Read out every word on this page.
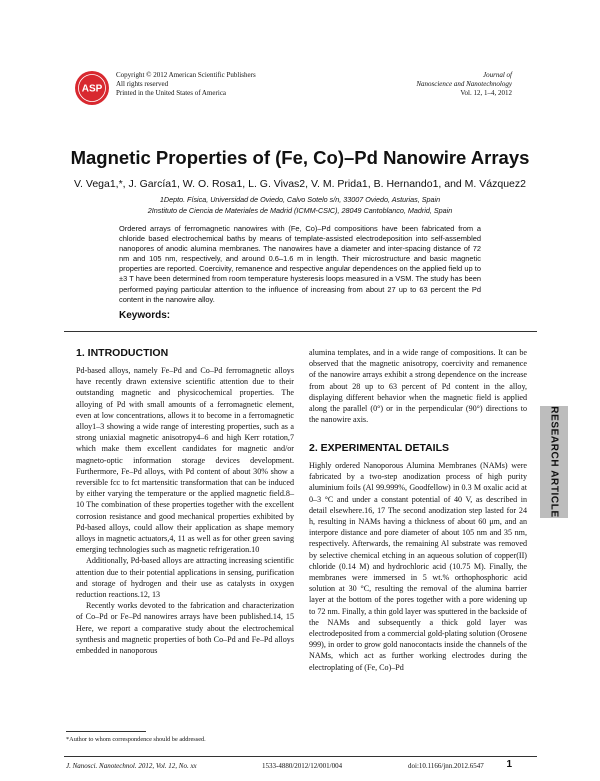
ASP
Copyright © 2012 American Scientific Publishers
All rights reserved
Printed in the United States of America
Journal of
Nanoscience and Nanotechnology
Vol. 12, 1–4, 2012
Magnetic Properties of (Fe, Co)–Pd Nanowire Arrays
V. Vega1,*, J. García1, W. O. Rosa1, L. G. Vivas2, V. M. Prida1, B. Hernando1, and M. Vázquez2
1Depto. Física, Universidad de Oviedo, Calvo Sotelo s/n, 33007 Oviedo, Asturias, Spain
2Instituto de Ciencia de Materiales de Madrid (ICMM-CSIC), 28049 Cantoblanco, Madrid, Spain
Ordered arrays of ferromagnetic nanowires with (Fe, Co)–Pd compositions have been fabricated from a chloride based electrochemical baths by means of template-assisted electrodeposition into self-assembled nanopores of anodic alumina membranes. The nanowires have a diameter and inter-spacing distance of 72 nm and 105 nm, respectively, and around 0.6–1.6 m in length. Their microstructure and basic magnetic properties are reported. Coercivity, remanence and respective angular dependences on the applied field up to ±3 T have been determined from room temperature hysteresis loops measured in a VSM. The study has been performed paying particular attention to the influence of increasing from about 27 up to 63 percent the Pd content in the nanowire alloy.
Keywords:
1. INTRODUCTION

Pd-based alloys, namely Fe–Pd and Co–Pd ferromagnetic alloys have recently drawn extensive scientific attention due to their outstanding magnetic and physicochemical properties. The alloying of Pd with small amounts of a ferromagnetic element, even at low concentrations, allows it to become in a ferromagnetic alloy1–3 showing a wide range of interesting properties, such as a strong uniaxial magnetic anisotropy4–6 and high Kerr rotation,7 which make them excellent candidates for magnetic and/or magneto-optic information storage devices development. Furthermore, Fe–Pd alloys, with Pd content of about 30% show a reversible fcc to fct martensitic transformation that can be induced by either varying the temperature or the applied magnetic field.8–10 The combination of these properties together with the excellent corrosion resistance and good mechanical properties exhibited by Pd-based alloys, could allow their application as shape memory alloys in magnetic actuators,4, 11 as well as for other green saving emerging technologies such as magnetic refrigeration.10

Additionally, Pd-based alloys are attracting increasing scientific attention due to their potential applications in sensing, purification and storage of hydrogen and their use as catalysts in oxygen reduction reactions.12, 13

Recently works devoted to the fabrication and characterization of Co–Pd or Fe–Pd nanowires arrays have been published.14, 15 Here, we report a comparative study about the electrochemical synthesis and magnetic properties of both Co–Pd and Fe–Pd alloys embedded in nanoporous

alumina templates, and in a wide range of compositions. It can be observed that the magnetic anisotropy, coercivity and remanence of the nanowire arrays exhibit a strong dependence on the increase from about 28 up to 63 percent of Pd content in the alloy, displaying different behavior when the magnetic field is applied along the parallel (0°) or in the perpendicular (90°) directions to the nanowire axis.

2. EXPERIMENTAL DETAILS

Highly ordered Nanoporous Alumina Membranes (NAMs) were fabricated by a two-step anodization process of high purity aluminium foils (Al 99.999%, Goodfellow) in 0.3 M oxalic acid at 0–3 °C and under a constant potential of 40 V, as described in detail elsewhere.16, 17 The second anodization step lasted for 24 h, resulting in NAMs having a thickness of about 60 μm, and an interpore distance and pore diameter of about 105 nm and 35 nm, respectively. Afterwards, the remaining Al substrate was removed by selective chemical etching in an aqueous solution of copper(II) chloride (0.14 M) and hydrochloric acid (10.75 M). Finally, the membranes were immersed in 5 wt.% orthophosphoric acid solution at 30 °C, resulting the removal of the alumina barrier layer at the bottom of the pores together with a pore widening up to 72 nm. Finally, a thin gold layer was sputtered in the backside of the NAMs and subsequently a thick gold layer was electrodeposited from a commercial gold-plating solution (Orosene 999), in order to grow gold nanocontacts inside the channels of the NAMs, which act as further working electrodes during the electroplating of (Fe, Co)–Pd

RESEARCH ARTICLE
*Author to whom correspondence should be addressed.
J. Nanosci. Nanotechnol. 2012, Vol. 12, No. xx	1533-4880/2012/12/001/004	doi:10.1166/jnn.2012.6547 1
